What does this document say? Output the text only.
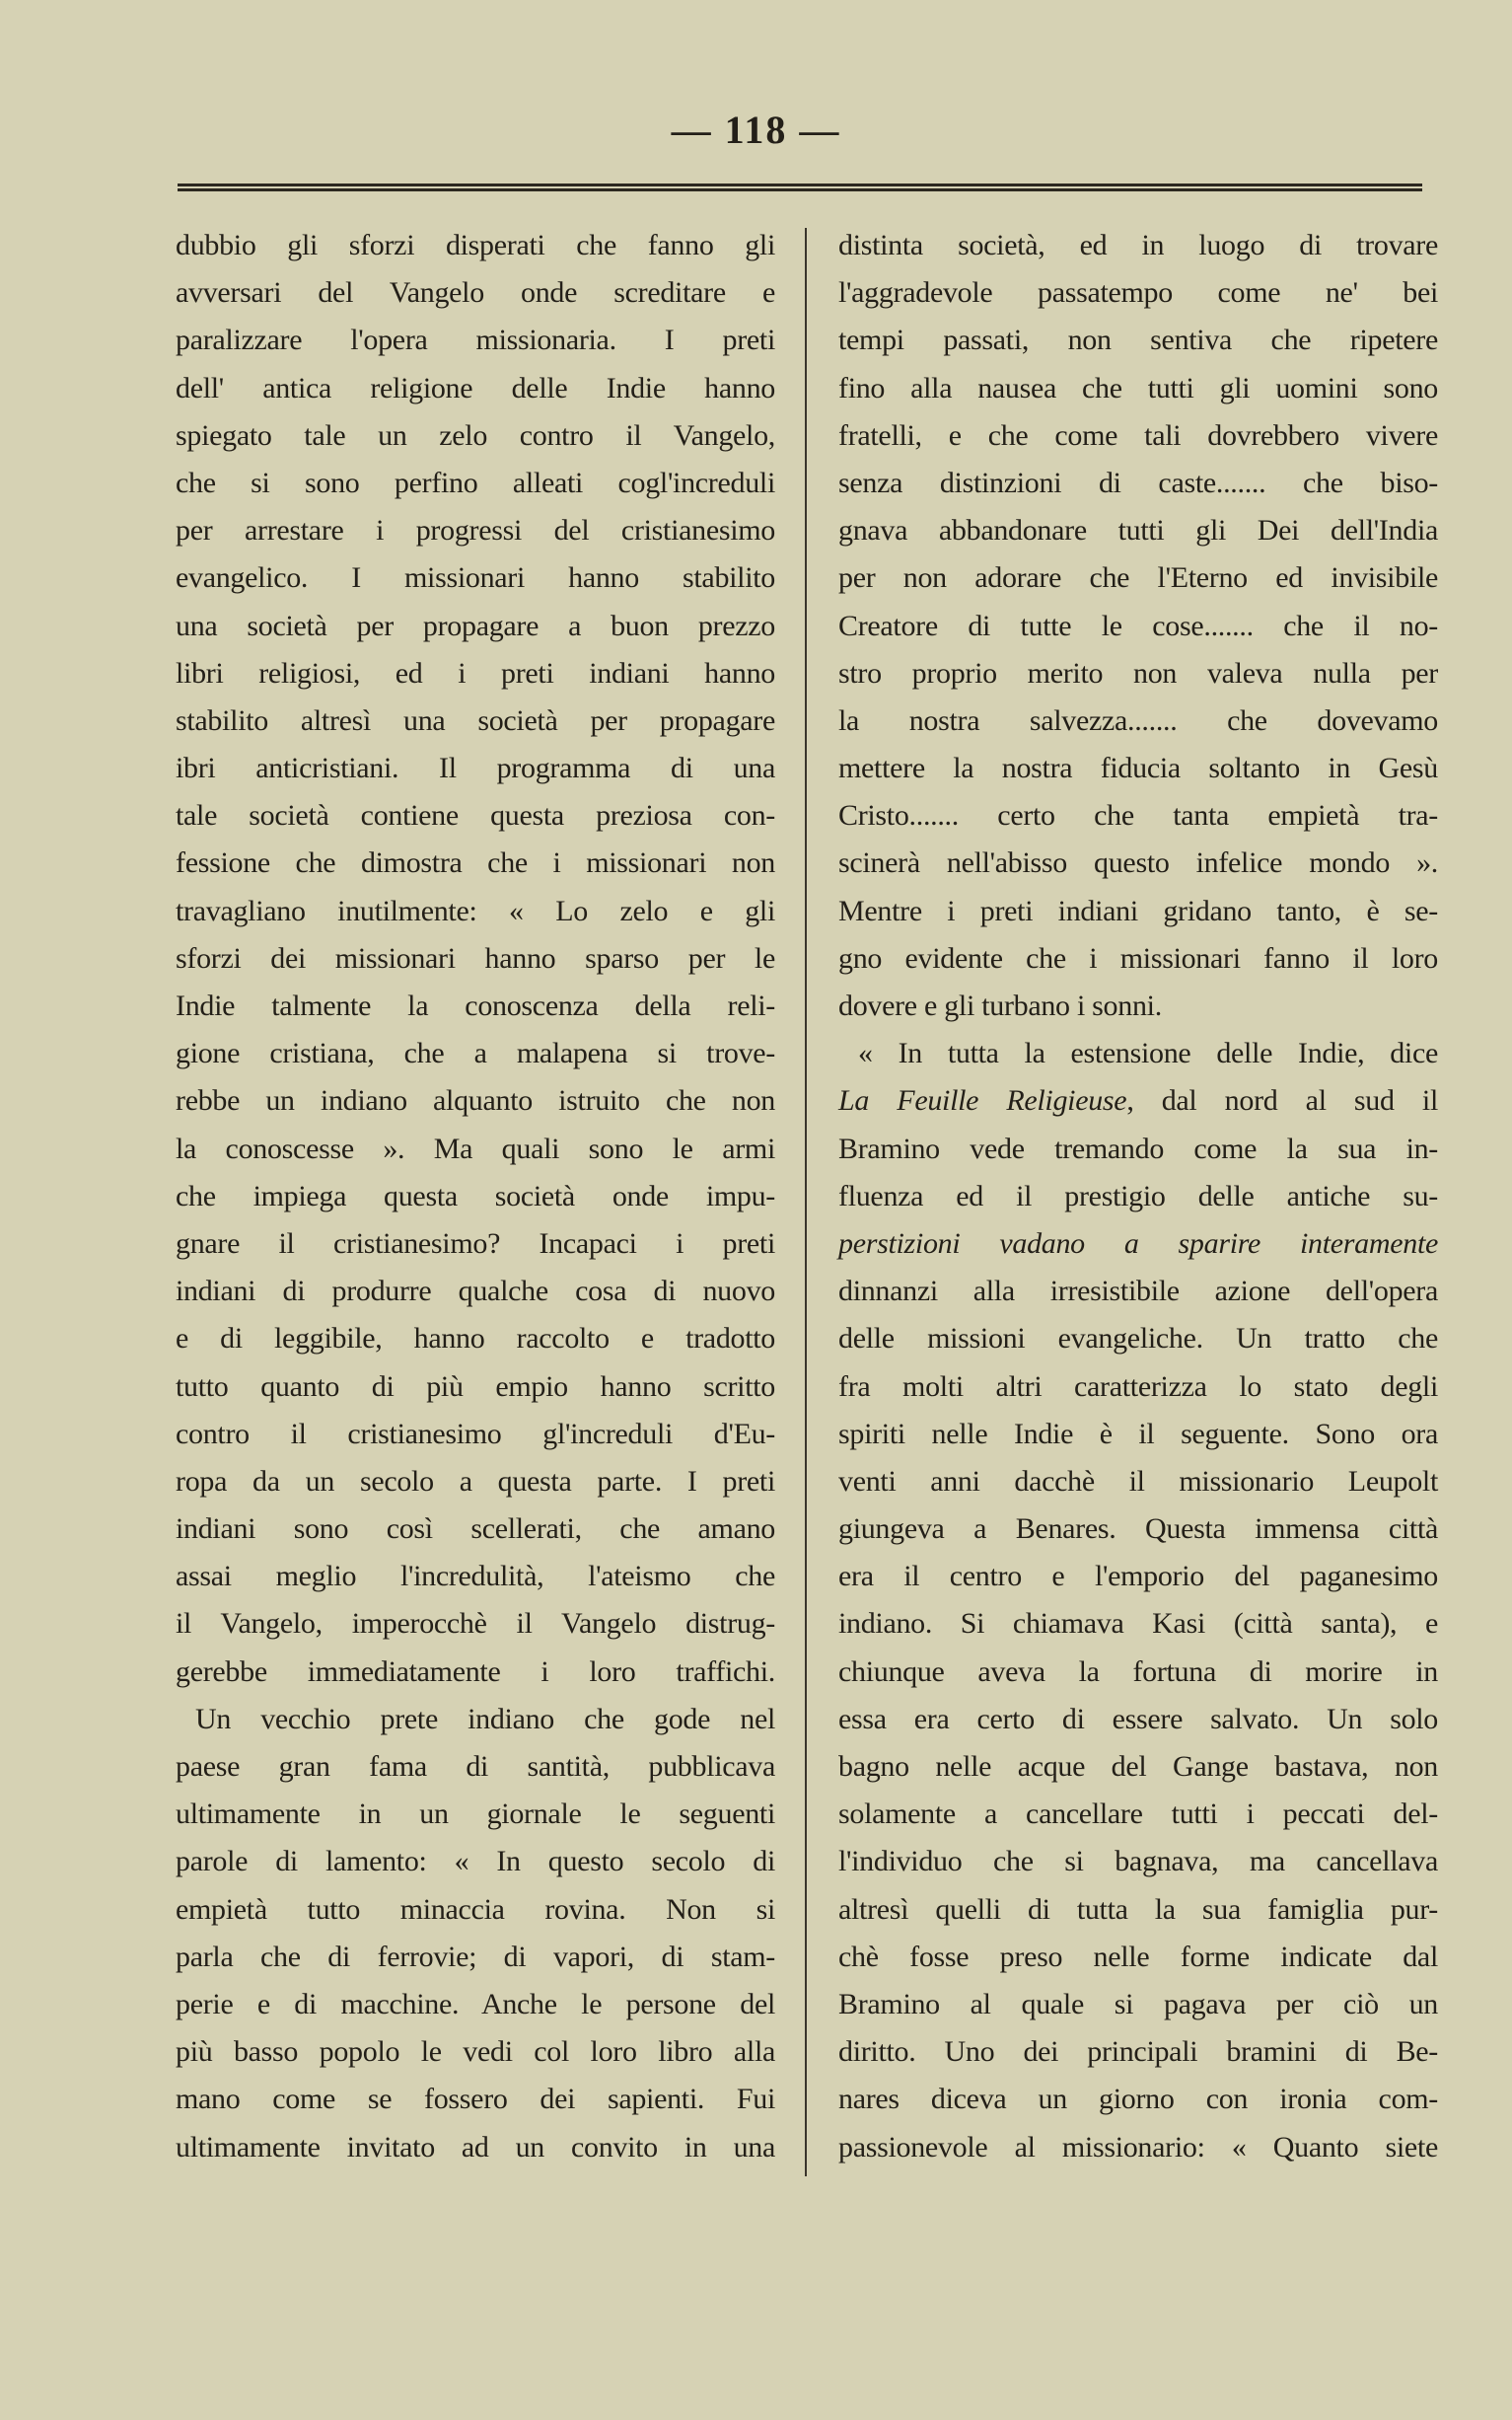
— 118 —
dubbio gli sforzi disperati che fanno gli
avversari del Vangelo onde screditare e
paralizzare l'opera missionaria. I preti
dell' antica religione delle Indie hanno
spiegato tale un zelo contro il Vangelo,
che si sono perfino alleati cogl'increduli
per arrestare i progressi del cristianesimo
evangelico. I missionari hanno stabilito
una società per propagare a buon prezzo
libri religiosi, ed i preti indiani hanno
stabilito altresì una società per propagare
ibri anticristiani. Il programma di una
tale società contiene questa preziosa con-
fessione che dimostra che i missionari non
travagliano inutilmente: « Lo zelo e gli
sforzi dei missionari hanno sparso per le
Indie talmente la conoscenza della reli-
gione cristiana, che a malapena si trove-
rebbe un indiano alquanto istruito che non
la conoscesse ». Ma quali sono le armi
che impiega questa società onde impu-
gnare il cristianesimo? Incapaci i preti
indiani di produrre qualche cosa di nuovo
e di leggibile, hanno raccolto e tradotto
tutto quanto di più empio hanno scritto
contro il cristianesimo gl'increduli d'Eu-
ropa da un secolo a questa parte. I preti
indiani sono così scellerati, che amano
assai meglio l'incredulità, l'ateismo che
il Vangelo, imperocchè il Vangelo distrug-
gerebbe immediatamente i loro traffichi.
Un vecchio prete indiano che gode nel
paese gran fama di santità, pubblicava
ultimamente in un giornale le seguenti
parole di lamento: « In questo secolo di
empietà tutto minaccia rovina. Non si
parla che di ferrovie; di vapori, di stam-
perie e di macchine. Anche le persone del
più basso popolo le vedi col loro libro alla
mano come se fossero dei sapienti. Fui
ultimamente invitato ad un convito in una
distinta società, ed in luogo di trovare
l'aggradevole passatempo come ne' bei
tempi passati, non sentiva che ripetere
fino alla nausea che tutti gli uomini sono
fratelli, e che come tali dovrebbero vivere
senza distinzioni di caste....... che biso-
gnava abbandonare tutti gli Dei dell'India
per non adorare che l'Eterno ed invisibile
Creatore di tutte le cose....... che il no-
stro proprio merito non valeva nulla per
la nostra salvezza....... che dovevamo
mettere la nostra fiducia soltanto in Gesù
Cristo....... certo che tanta empietà tra-
scinerà nell'abisso questo infelice mondo ».
Mentre i preti indiani gridano tanto, è se-
gno evidente che i missionari fanno il loro
dovere e gli turbano i sonni.
« In tutta la estensione delle Indie, dice
La Feuille Religieuse, dal nord al sud il
Bramino vede tremando come la sua in-
fluenza ed il prestigio delle antiche su-
perstizioni vadano a sparire interamente
dinnanzi alla irresistibile azione dell'opera
delle missioni evangeliche. Un tratto che
fra molti altri caratterizza lo stato degli
spiriti nelle Indie è il seguente. Sono ora
venti anni dacchè il missionario Leupolt
giungeva a Benares. Questa immensa città
era il centro e l'emporio del paganesimo
indiano. Si chiamava Kasi (città santa), e
chiunque aveva la fortuna di morire in
essa era certo di essere salvato. Un solo
bagno nelle acque del Gange bastava, non
solamente a cancellare tutti i peccati del-
l'individuo che si bagnava, ma cancellava
altresì quelli di tutta la sua famiglia pur-
chè fosse preso nelle forme indicate dal
Bramino al quale si pagava per ciò un
diritto. Uno dei principali bramini di Be-
nares diceva un giorno con ironia com-
passionevole al missionario: « Quanto siete
